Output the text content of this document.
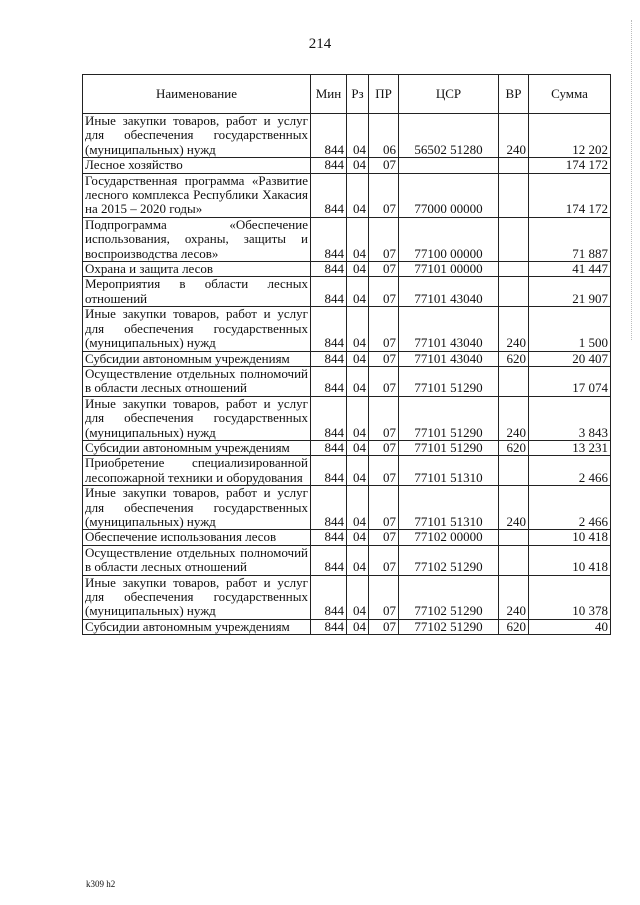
214
Наименование	Мин	Рз	ПР	ЦСР	ВР	Сумма
Иные закупки товаров, работ и услуг для обеспечения государственных (муниципальных) нужд	844	04	06	56502 51280	240	12 202
Лесное хозяйство	844	04	07			174 172
Государственная программа «Развитие лесного комплекса Республики Хакасия на 2015 – 2020 годы»	844	04	07	77000 00000		174 172
Подпрограмма «Обеспечение использования, охраны, защиты и воспроизводства лесов»	844	04	07	77100 00000		71 887
Охрана и защита лесов	844	04	07	77101 00000		41 447
Мероприятия в области лесных отношений	844	04	07	77101 43040		21 907
Иные закупки товаров, работ и услуг для обеспечения государственных (муниципальных) нужд	844	04	07	77101 43040	240	1 500
Субсидии автономным учреждениям	844	04	07	77101 43040	620	20 407
Осуществление отдельных полномочий в области лесных отношений	844	04	07	77101 51290		17 074
Иные закупки товаров, работ и услуг для обеспечения государственных (муниципальных) нужд	844	04	07	77101 51290	240	3 843
Субсидии автономным учреждениям	844	04	07	77101 51290	620	13 231
Приобретение специализированной лесопожарной техники и оборудования	844	04	07	77101 51310		2 466
Иные закупки товаров, работ и услуг для обеспечения государственных (муниципальных) нужд	844	04	07	77101 51310	240	2 466
Обеспечение использования лесов	844	04	07	77102 00000		10 418
Осуществление отдельных полномочий в области лесных отношений	844	04	07	77102 51290		10 418
Иные закупки товаров, работ и услуг для обеспечения государственных (муниципальных) нужд	844	04	07	77102 51290	240	10 378
Субсидии автономным учреждениям	844	04	07	77102 51290	620	40
k309 h2
